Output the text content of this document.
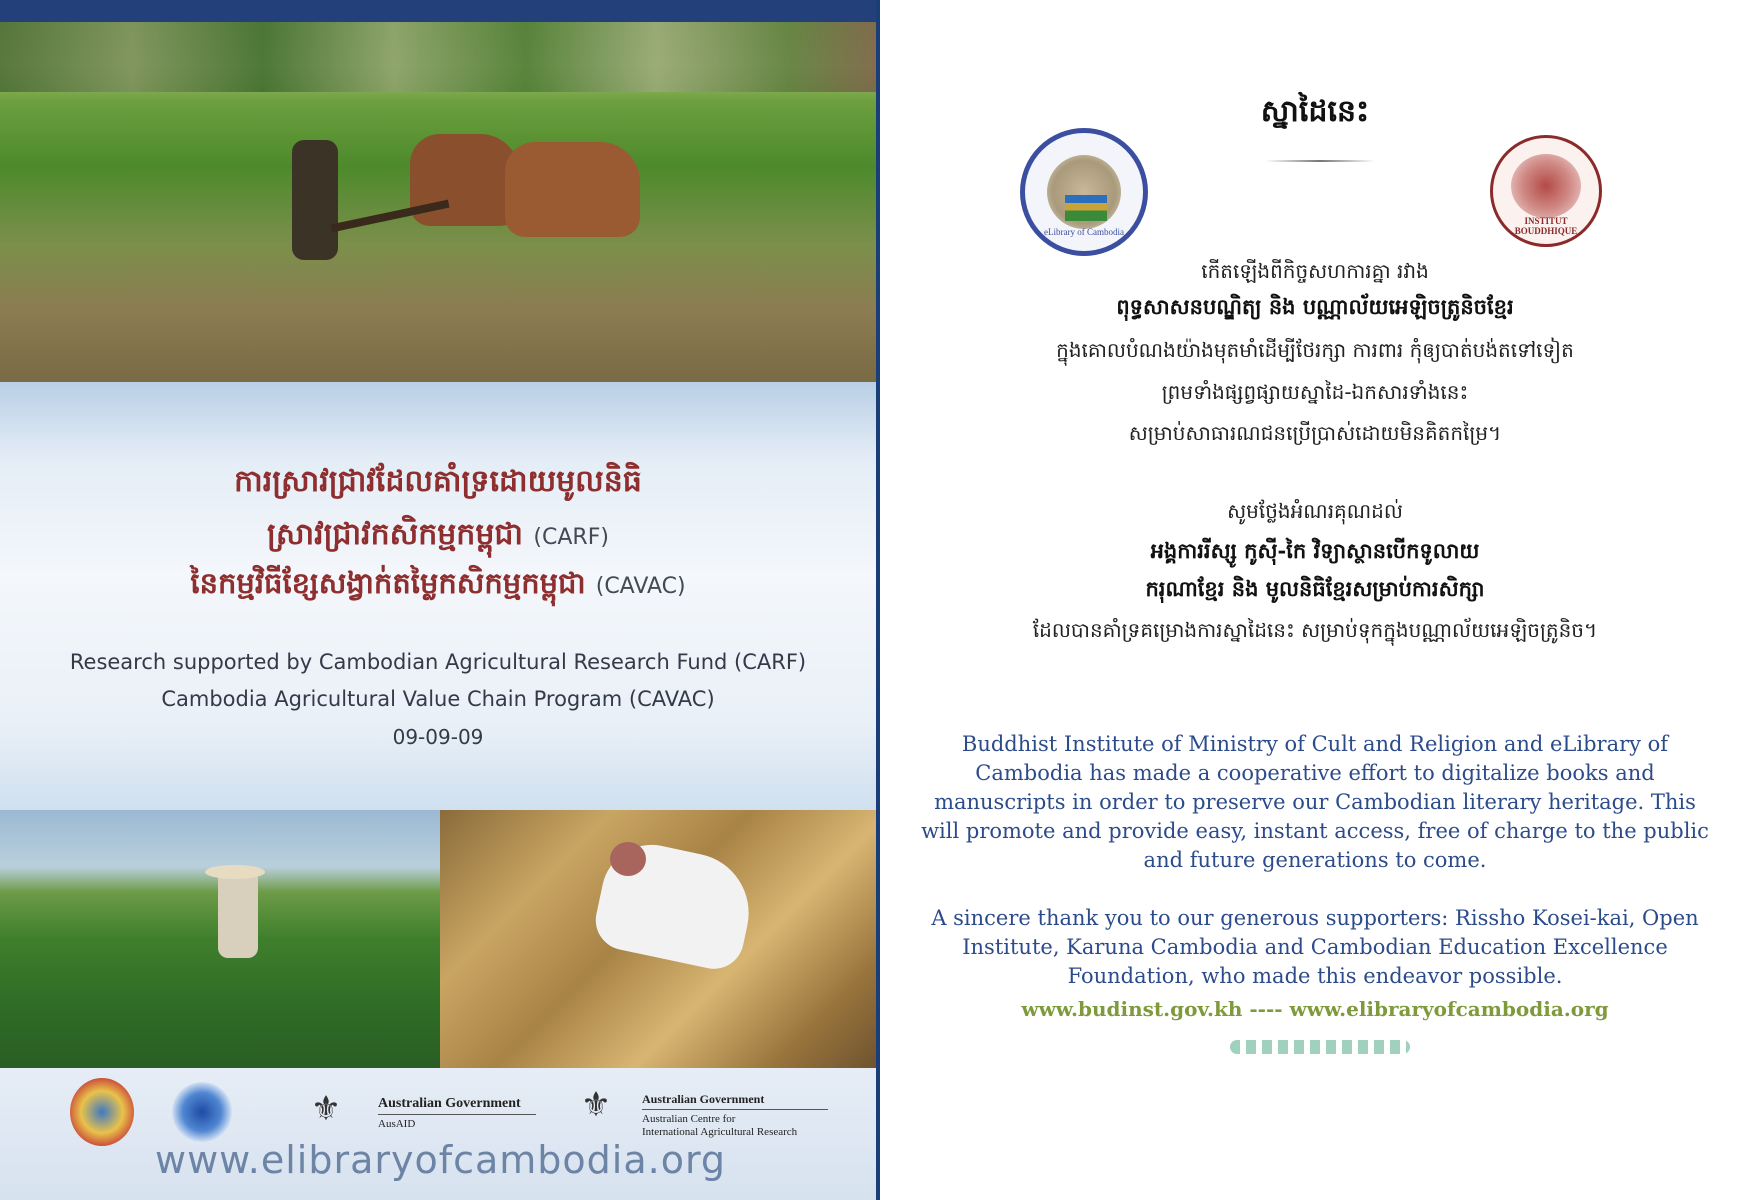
ការស្រាវជ្រាវដែលគាំទ្រដោយមូលនិធិ
ស្រាវជ្រាវកសិកម្មកម្ពុជា (CARF)
នៃកម្មវិធីខ្សែសង្វាក់តម្លៃកសិកម្មកម្ពុជា (CAVAC)
Research supported by Cambodian Agricultural Research Fund (CARF)
Cambodia Agricultural Value Chain Program (CAVAC)
09-09-09
⚜	Australian Government
AusAID	⚜	Australian Government
Australian Centre for
International Agricultural Research
www.elibraryofcambodia.org
ស្នាដៃនេះ
eLibrary of Cambodia
INSTITUT BOUDDHIQUE
កើតឡើងពីកិច្ចសហការគ្នា រវាង
ពុទ្ធសាសនបណ្ឌិត្យ និង បណ្ណាល័យអេឡិចត្រូនិចខ្មែរ
ក្នុងគោលបំណងយ៉ាងមុតមាំដើម្បីថែរក្សា ការពារ កុំឲ្យបាត់បង់តទៅទៀត
ព្រមទាំងផ្សព្វផ្សាយស្នាដៃ-ឯកសារទាំងនេះ
សម្រាប់សាធារណជនប្រើប្រាស់ដោយមិនគិតកម្រៃ។
សូមថ្លែងអំណរគុណដល់
អង្គការរីស្សូ កូស៊ី-កៃ វិទ្យាស្ថានបើកទូលាយ
ករុណាខ្មែរ និង មូលនិធិខ្មែរសម្រាប់ការសិក្សា
ដែលបានគាំទ្រគម្រោងការស្នាដៃនេះ សម្រាប់ទុកក្នុងបណ្ណាល័យអេឡិចត្រូនិច។
Buddhist Institute of Ministry of Cult and Religion and eLibrary of
Cambodia has made a cooperative effort to digitalize books and
manuscripts in order to preserve our Cambodian literary heritage. This
will promote and provide easy, instant access, free of charge to the public
and future generations to come.
A sincere thank you to our generous supporters: Rissho Kosei-kai, Open
Institute, Karuna Cambodia and Cambodian Education Excellence
Foundation, who made this endeavor possible.
www.budinst.gov.kh ---- www.elibraryofcambodia.org
